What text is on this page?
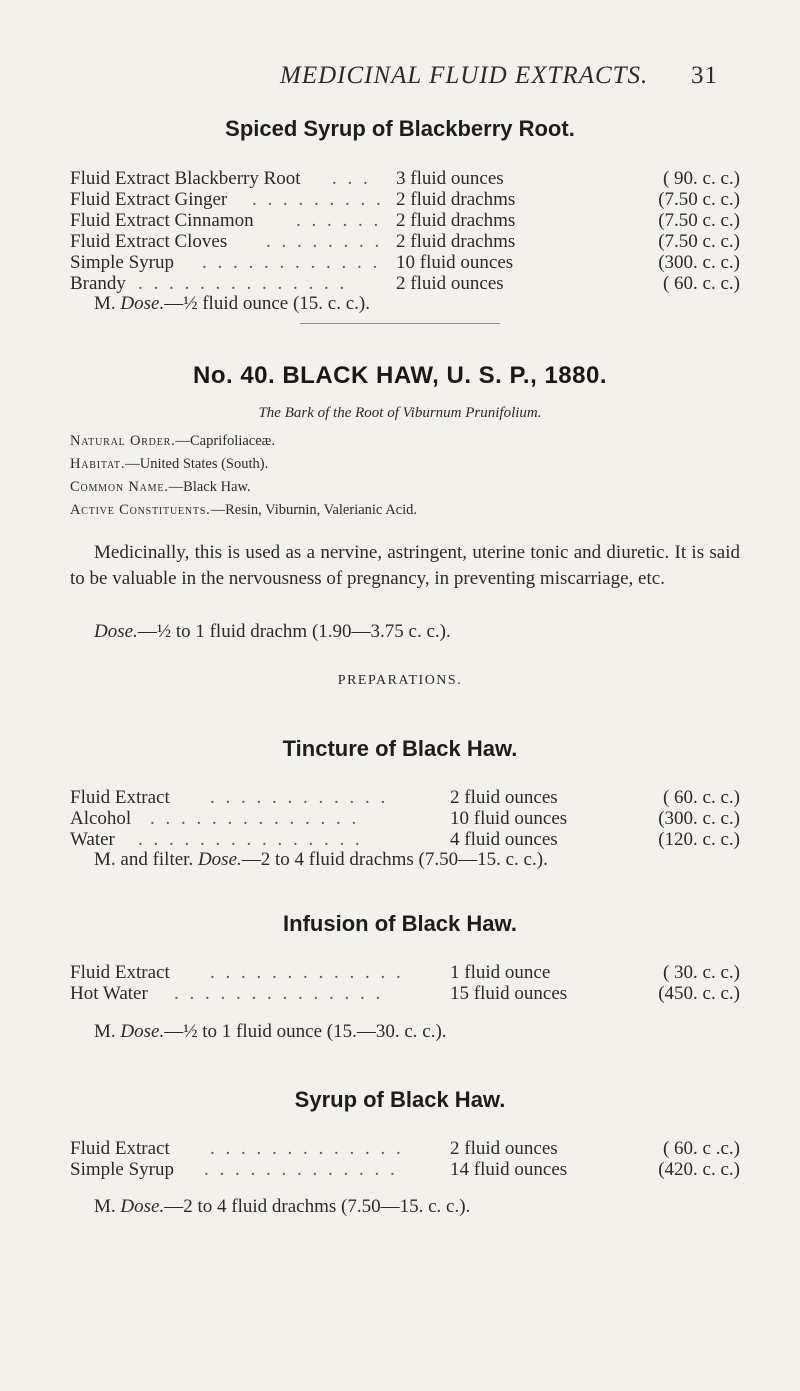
MEDICINAL FLUID EXTRACTS. 31
Spiced Syrup of Blackberry Root.
Fluid Extract Blackberry Root . . . 3 fluid ounces	( 90. c. c.)
Fluid Extract Ginger . . . . . . . . . 2 fluid drachms	(7.50 c. c.)
Fluid Extract Cinnamon . . . . . . 2 fluid drachms	(7.50 c. c.)
Fluid Extract Cloves . . . . . . . . 2 fluid drachms	(7.50 c. c.)
Simple Syrup . . . . . . . . . . . . 10 fluid ounces	(300. c. c.)
Brandy . . . . . . . . . . . . . .	2 fluid ounces	( 60. c. c.)
M. Dose.—½ fluid ounce (15. c. c.).
No. 40. BLACK HAW, U. S. P., 1880.
The Bark of the Root of Viburnum Prunifolium.
Natural Order.—Caprifoliaceæ.
Habitat.—United States (South).
Common Name.—Black Haw.
Active Constituents.—Resin, Viburnin, Valerianic Acid.
Medicinally, this is used as a nervine, astringent, uterine tonic and diuretic. It is said to be valuable in the nervousness of pregnancy, in preventing miscarriage, etc.
Dose.—½ to 1 fluid drachm (1.90—3.75 c. c.).
PREPARATIONS.
Tincture of Black Haw.
Fluid Extract . . . . . . . . . . . .	2 fluid ounces	( 60. c. c.)
Alcohol . . . . . . . . . . . . . .	10 fluid ounces	(300. c. c.)
Water . . . . . . . . . . . . . . .	4 fluid ounces	(120. c. c.)
M. and filter. Dose.—2 to 4 fluid drachms (7.50—15. c. c.).
Infusion of Black Haw.
Fluid Extract . . . . . . . . . . . . . 1 fluid ounce	( 30. c. c.)
Hot Water . . . . . . . . . . . . . .	15 fluid ounces	(450. c. c.)
M. Dose.—½ to 1 fluid ounce (15.—30. c. c.).
Syrup of Black Haw.
Fluid Extract . . . . . . . . . . . . . 2 fluid ounces	( 60. c .c.)
Simple Syrup . . . . . . . . . . . . .	14 fluid ounces	(420. c. c.)
M. Dose.—2 to 4 fluid drachms (7.50—15. c. c.).
